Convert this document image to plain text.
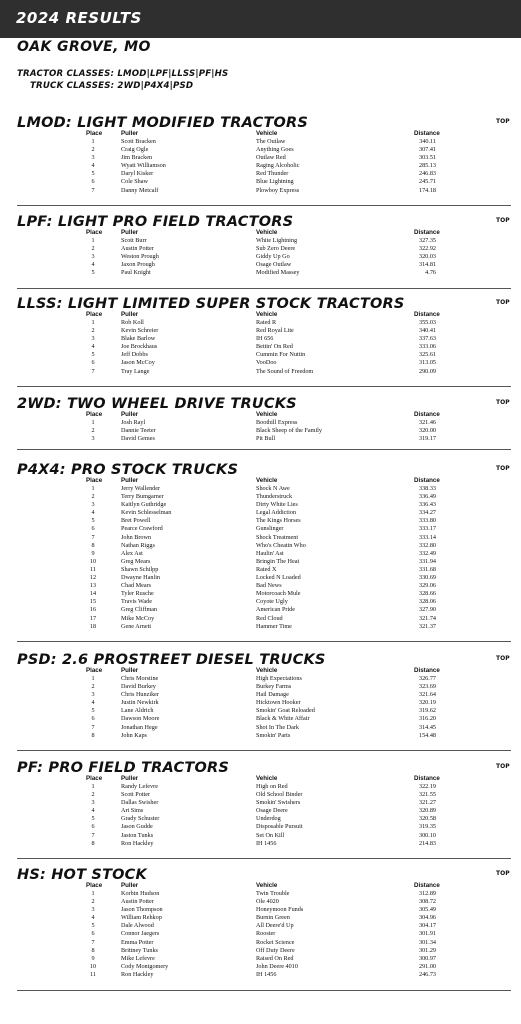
2024 RESULTS
OAK GROVE, MO
TRACTOR CLASSES: LMOD|LPF|LLSS|PF|HS
TRUCK CLASSES: 2WD|P4X4|PSD
LMOD: LIGHT MODIFIED TRACTORS	TOP
Place	Puller	Vehicle	Distance
1	Scott Bracken	The Outlaw	340.11
2	Craig Ogle	Anything Goes	307.41
3	Jim Bracken	Outlaw Red	303.51
4	Wyatt Williamson	Raging Alcoholic	285.13
5	Daryl Kisker	Red Thunder	246.83
6	Cole Shaw	Blue Lightning	245.71
7	Danny Metcalf	Plowboy Express	174.18
LPF: LIGHT PRO FIELD TRACTORS	TOP
Place	Puller	Vehicle	Distance
1	Scott Burr	White Lightning	327.35
2	Austin Potter	Sub Zero Deere	322.92
3	Weston Prough	Giddy Up Go	320.03
4	Jaxon Prough	Osage Outlaw	314.81
5	Paul Knight	Modified Massey	4.76
LLSS: LIGHT LIMITED SUPER STOCK TRACTORS	TOP
Place	Puller	Vehicle	Distance
1	Rob Koll	Rated R	355.03
2	Kevin Schreier	Red Royal Lite	340.41
3	Blake Barlow	IH 656	337.63
4	Joe Brockhaus	Bettin' On Red	333.06
5	Jeff Dobbs	Cummin For Nuttin	325.61
6	Jason McCoy	VooDoo	313.05
7	Tray Lange	The Sound of Freedom	290.09
2WD: TWO WHEEL DRIVE TRUCKS	TOP
Place	Puller	Vehicle	Distance
1	Josh Rayl	Boothill Express	321.46
2	Dannie Teeter	Black Sheep of the Family	320.00
3	David Gemes	Pit Bull	319.17
P4X4: PRO STOCK TRUCKS	TOP
Place	Puller	Vehicle	Distance
1	Jerry Wallender	Shock N Awe	338.33
2	Terry Bumgarner	Thunderstruck	336.49
3	Kaitlyn Guthridge	Dirty White Lies	336.43
4	Kevin Schlesselman	Legal Addiction	334.27
5	Bret Powell	The Kings Horses	333.80
6	Pearce Crawford	Gunslinger	333.17
7	John Brown	Shock Treatment	333.14
8	Nathan Riggs	Who's Cheatin Who	332.80
9	Alex Ast	Haulin' Ast	332.49
10	Greg Mears	Bringin The Heat	331.94
11	Shawn Schilpp	Rated X	331.68
12	Dwayne Hanlin	Locked N Loaded	330.69
13	Chad Mears	Bad News	329.06
14	Tyler Rusche	Motorcoach Mule	328.66
15	Travis Wade	Coyote Ugly	328.06
16	Greg Cliffman	American Pride	327.90
17	Mike McCoy	Red Cloud	321.74
18	Gene Arnett	Hammer Time	321.37
PSD: 2.6 PROSTREET DIESEL TRUCKS	TOP
Place	Puller	Vehicle	Distance
1	Chris Morstine	High Expectations	326.77
2	David Burkey	Burkey Farms	323.69
3	Chris Hunziker	Hail Damage	321.64
4	Justin Newkirk	Hicktown Hooker	320.19
5	Lane Aldrich	Smokin' Goat Reloaded	319.62
6	Dawson Moore	Black & White Affair	316.20
7	Jonathan Hege	Shot In The Dark	314.45
8	John Kaps	Smokin' Parts	154.48
PF: PRO FIELD TRACTORS	TOP
Place	Puller	Vehicle	Distance
1	Randy Lefevre	High on Red	322.19
2	Scott Potter	Old School Binder	321.55
3	Dallas Swisher	Smokin' Swishers	321.27
4	Art Sims	Osage Deere	320.89
5	Grady Schuster	Underdog	320.58
6	Jason Gudde	Disposable Pursuit	319.35
7	Jaston Tunks	Set On Kill	300.10
8	Ron Hackley	IH 1456	214.83
HS: HOT STOCK	TOP
Place	Puller	Vehicle	Distance
1	Korbin Hudson	Twin Trouble	312.89
2	Austin Potter	Ole 4020	308.72
3	Jason Thompson	Honeymoon Funds	305.49
4	William Rehkop	Burnin Green	304.96
5	Dale Alwood	All Deere'd Up	304.17
6	Connor Jaegers	Rooster	301.91
7	Emma Potter	Rocket Science	301.34
8	Brittney Tunks	Off Duty Deere	301.29
9	Mike Lefevre	Raised On Red	300.97
10	Cody Montgomery	John Deere 4010	291.00
11	Ron Hackley	IH 1456	246.73
